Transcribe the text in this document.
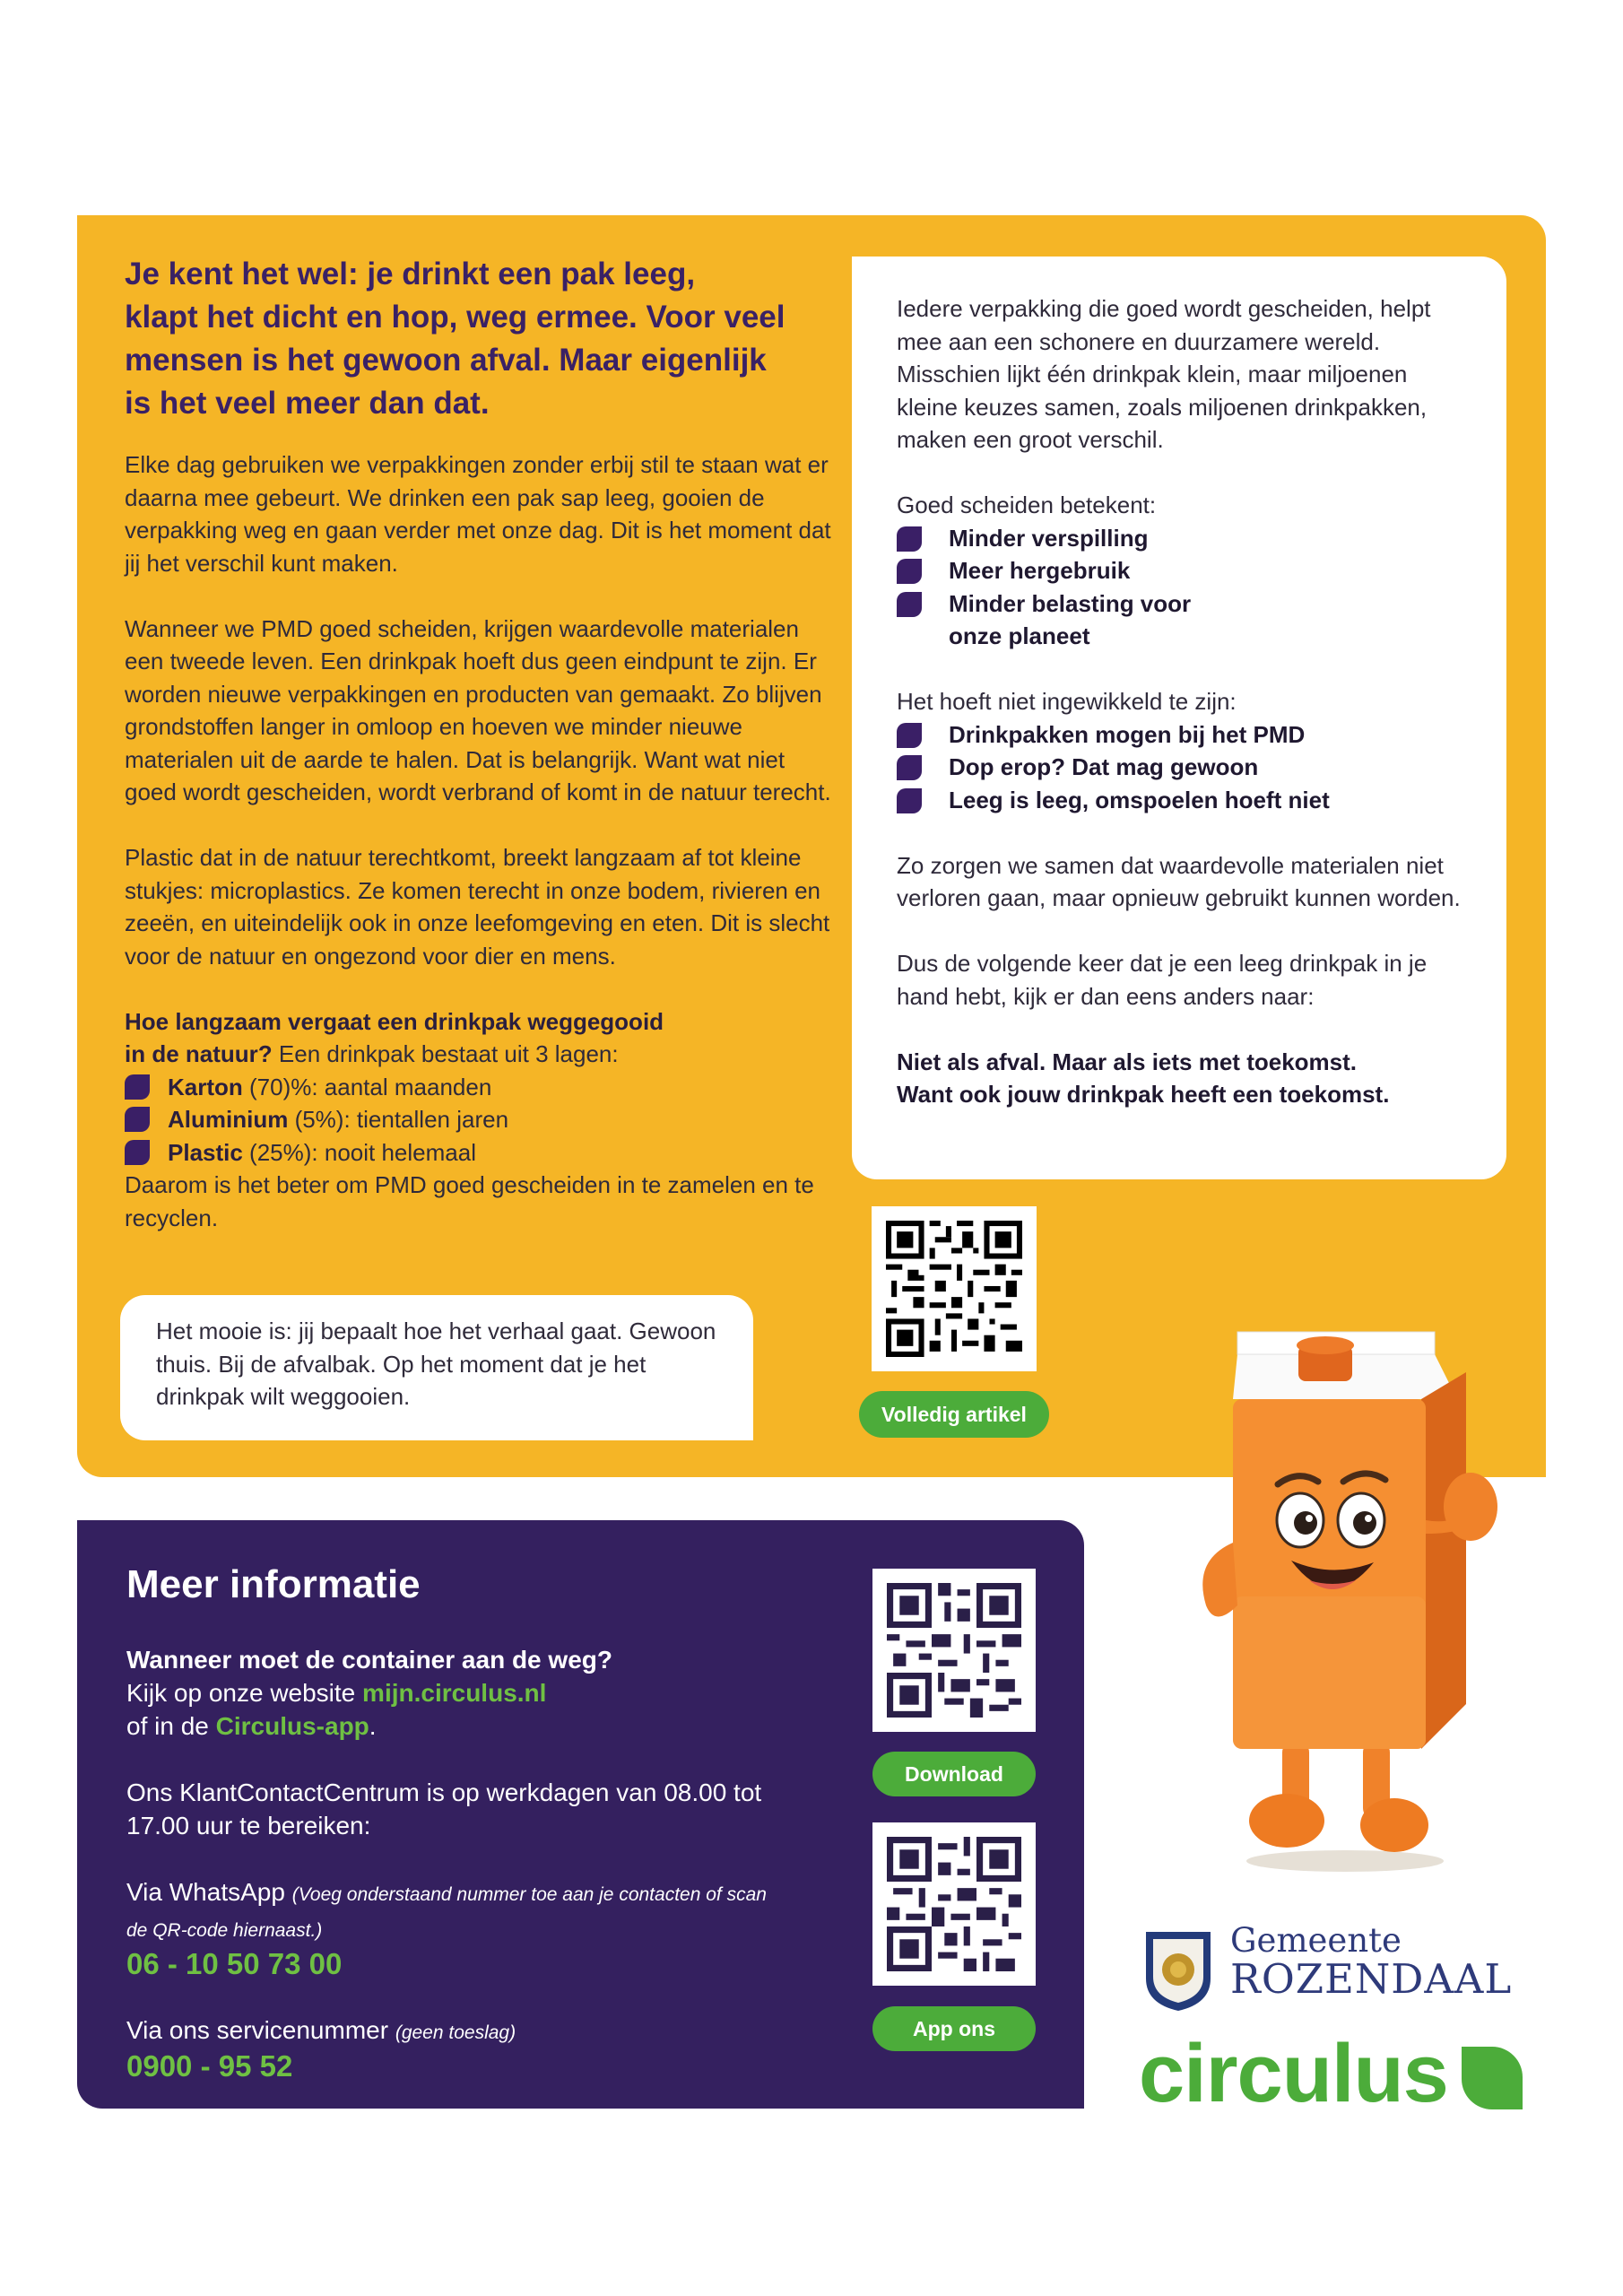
Je kent het wel: je drinkt een pak leeg,
klapt het dicht en hop, weg ermee. Voor veel
mensen is het gewoon afval. Maar eigenlijk
is het veel meer dan dat.

Elke dag gebruiken we verpakkingen zonder erbij stil te staan wat er daarna mee gebeurt. We drinken een pak sap leeg, gooien de verpakking weg en gaan verder met onze dag. Dit is het moment dat jij het verschil kunt maken.

Wanneer we PMD goed scheiden, krijgen waardevolle materialen een tweede leven. Een drinkpak hoeft dus geen eindpunt te zijn. Er worden nieuwe verpakkingen en producten van gemaakt. Zo blijven grondstoffen langer in omloop en hoeven we minder nieuwe materialen uit de aarde te halen. Dat is belangrijk. Want wat niet goed wordt gescheiden, wordt verbrand of komt in de natuur terecht.

Plastic dat in de natuur terechtkomt, breekt langzaam af tot kleine stukjes: microplastics. Ze komen terecht in onze bodem, rivieren en zeeën, en uiteindelijk ook in onze leefomgeving en eten. Dit is slecht voor de natuur en ongezond voor dier en mens.

Hoe langzaam vergaat een drinkpak weggegooid
in de natuur? Een drinkpak bestaat uit 3 lagen:

Karton (70)%: aantal maanden
Aluminium (5%): tientallen jaren
Plastic (25%): nooit helemaal

Daarom is het beter om PMD goed gescheiden in te zamelen en te recyclen.

Het mooie is: jij bepaalt hoe het verhaal gaat. Gewoon thuis. Bij de afvalbak. Op het moment dat je het drinkpak wilt weggooien.

Iedere verpakking die goed wordt gescheiden, helpt mee aan een schonere en duurzamere wereld. Misschien lijkt één drinkpak klein, maar miljoenen kleine keuzes samen, zoals miljoenen drinkpakken, maken een groot verschil.

Goed scheiden betekent:

Minder verspilling
Meer hergebruik
Minder belasting voor onze planeet

Het hoeft niet ingewikkeld te zijn:

Drinkpakken mogen bij het PMD
Dop erop? Dat mag gewoon
Leeg is leeg, omspoelen hoeft niet

Zo zorgen we samen dat waardevolle materialen niet verloren gaan, maar opnieuw gebruikt kunnen worden.

Dus de volgende keer dat je een leeg drinkpak in je hand hebt, kijk er dan eens anders naar:

Niet als afval. Maar als iets met toekomst.

Want ook jouw drinkpak heeft een toekomst.

Volledig artikel
Meer informatie
Wanneer moet de container aan de weg?
Kijk op onze website mijn.circulus.nl

of in de Circulus-app.

Ons KlantContactCentrum is op werkdagen van 08.00 tot 17.00 uur te bereiken:

Via WhatsApp (Voeg onderstaand nummer toe aan je contacten of scan de QR-code hiernaast.)

06 - 10 50 73 00

Via ons servicenummer (geen toeslag)
0900 - 95 52
Download
App ons
Gemeente
ROZENDAAL
circulus
